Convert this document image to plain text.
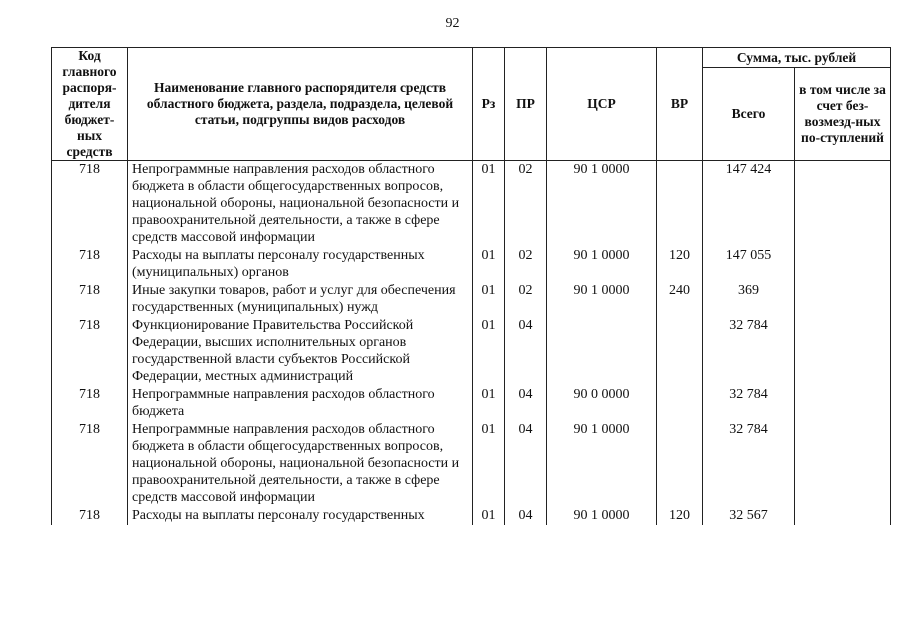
92
Код главного распоря-дителя бюджет-ных средств	Наименование главного распорядителя средств областного бюджета, раздела, подраздела, целевой статьи, подгруппы видов расходов	Рз	ПР	ЦСР	ВР	Сумма, тыс. рублей	
						Всего	в том числе за счет без-возмезд-ных по-ступлений
718	Непрограммные направления расходов областного бюджета в области общегосударственных вопросов, национальной обороны, национальной безопасности и правоохранительной деятельности, а также в сфере средств массовой информации	01	02	90 1 0000		147 424	
718	Расходы на выплаты персоналу государственных (муниципальных) органов	01	02	90 1 0000	120	147 055	
718	Иные закупки товаров, работ и услуг для обеспечения государственных (муниципальных) нужд	01	02	90 1 0000	240	369	
718	Функционирование Правительства Российской Федерации, высших исполнительных органов государственной власти субъектов Российской Федерации, местных администраций	01	04			32 784	
718	Непрограммные направления расходов областного бюджета	01	04	90 0 0000		32 784	
718	Непрограммные направления расходов областного бюджета в области общегосударственных вопросов, национальной обороны, национальной безопасности и правоохранительной деятельности, а также в сфере средств массовой информации	01	04	90 1 0000		32 784	
718	Расходы на выплаты персоналу государственных	01	04	90 1 0000	120	32 567	
